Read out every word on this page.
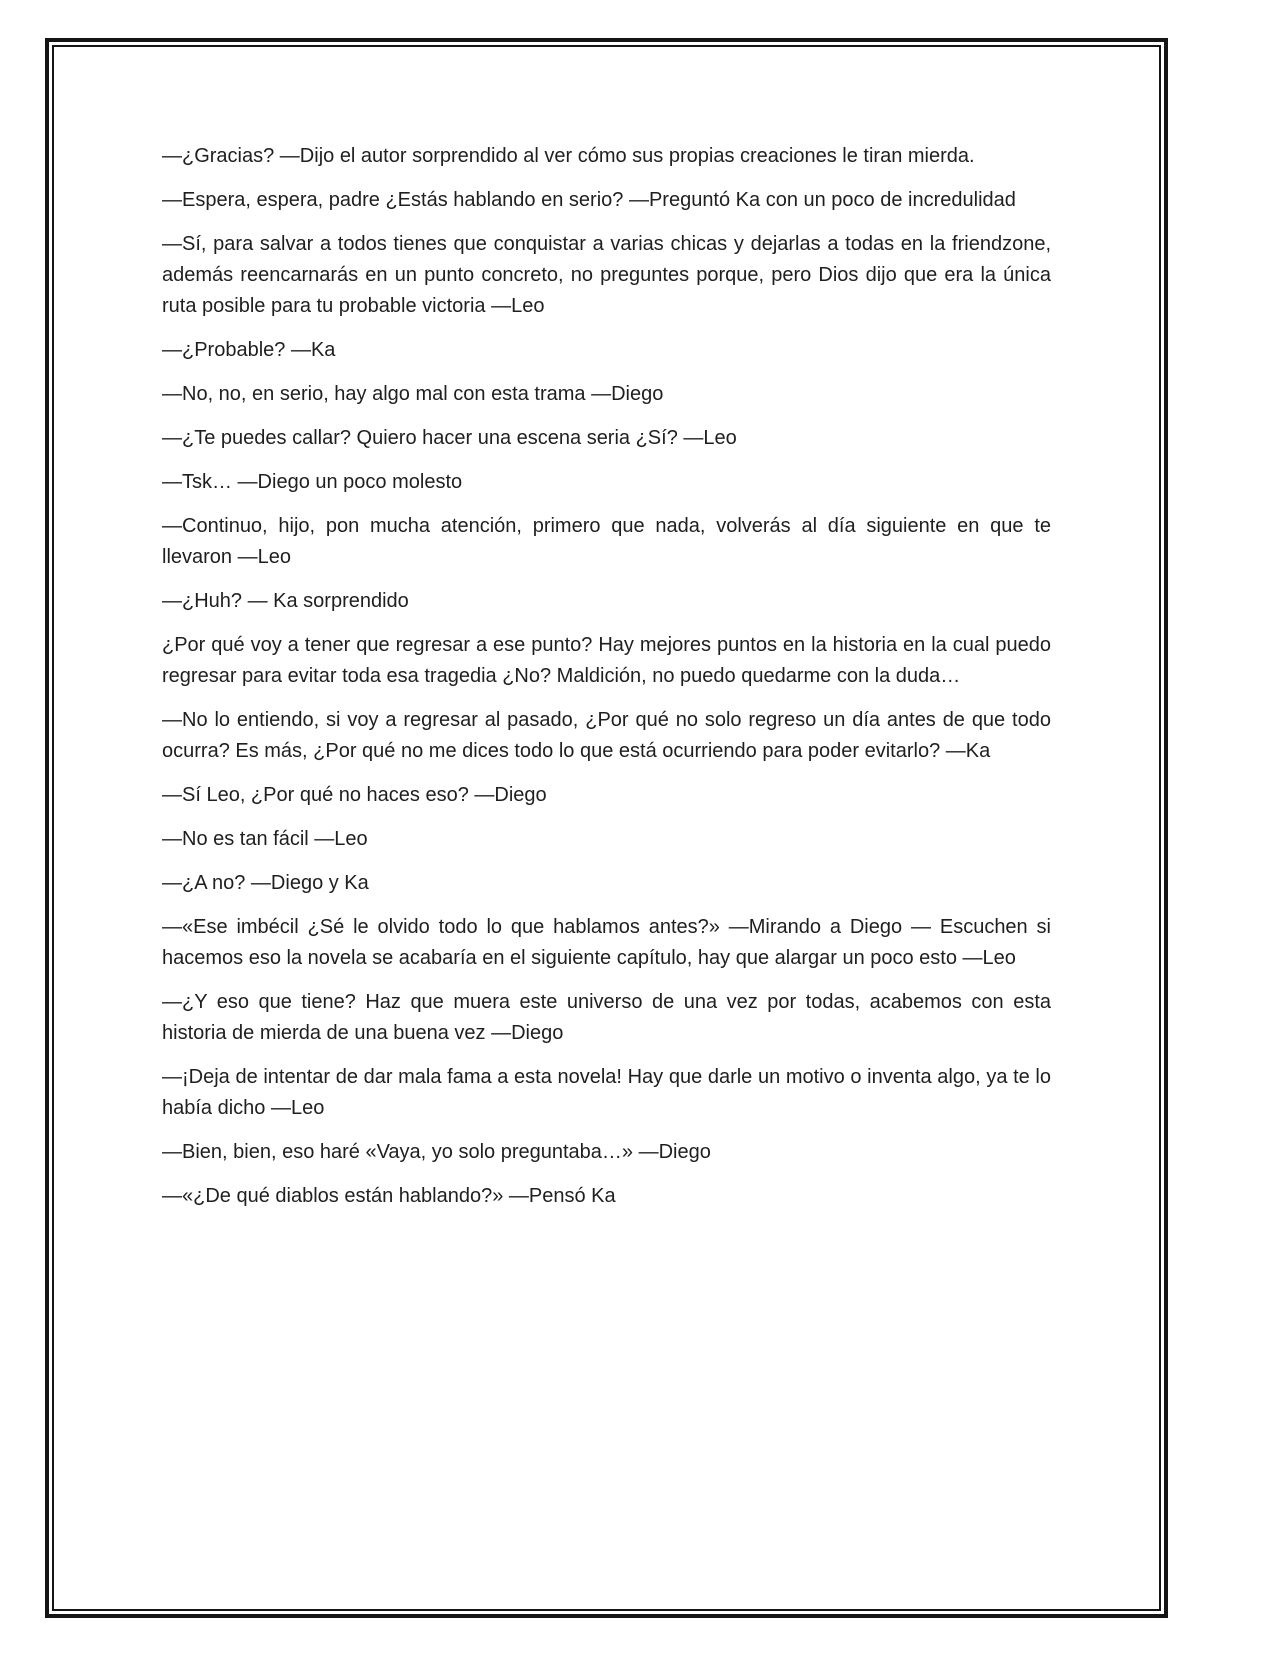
—¿Gracias? —Dijo el autor sorprendido al ver cómo sus propias creaciones le tiran mierda.

—Espera, espera, padre ¿Estás hablando en serio? —Preguntó Ka con un poco de incredulidad

—Sí, para salvar a todos tienes que conquistar a varias chicas y dejarlas a todas en la friendzone, además reencarnarás en un punto concreto, no preguntes porque, pero Dios dijo que era la única ruta posible para tu probable victoria —Leo

—¿Probable? —Ka

—No, no, en serio, hay algo mal con esta trama —Diego

—¿Te puedes callar? Quiero hacer una escena seria ¿Sí? —Leo

—Tsk… —Diego un poco molesto

—Continuo, hijo, pon mucha atención, primero que nada, volverás al día siguiente en que te llevaron —Leo

—¿Huh? — Ka sorprendido

¿Por qué voy a tener que regresar a ese punto? Hay mejores puntos en la historia en la cual puedo regresar para evitar toda esa tragedia ¿No? Maldición, no puedo quedarme con la duda…

—No lo entiendo, si voy a regresar al pasado, ¿Por qué no solo regreso un día antes de que todo ocurra? Es más, ¿Por qué no me dices todo lo que está ocurriendo para poder evitarlo? —Ka

—Sí Leo, ¿Por qué no haces eso? —Diego

—No es tan fácil —Leo

—¿A no? —Diego y Ka

—«Ese imbécil ¿Sé le olvido todo lo que hablamos antes?» —Mirando a Diego — Escuchen si hacemos eso la novela se acabaría en el siguiente capítulo, hay que alargar un poco esto —Leo

—¿Y eso que tiene? Haz que muera este universo de una vez por todas, acabemos con esta historia de mierda de una buena vez —Diego

—¡Deja de intentar de dar mala fama a esta novela! Hay que darle un motivo o inventa algo, ya te lo había dicho —Leo

—Bien, bien, eso haré «Vaya, yo solo preguntaba…» —Diego

—«¿De qué diablos están hablando?» —Pensó Ka
